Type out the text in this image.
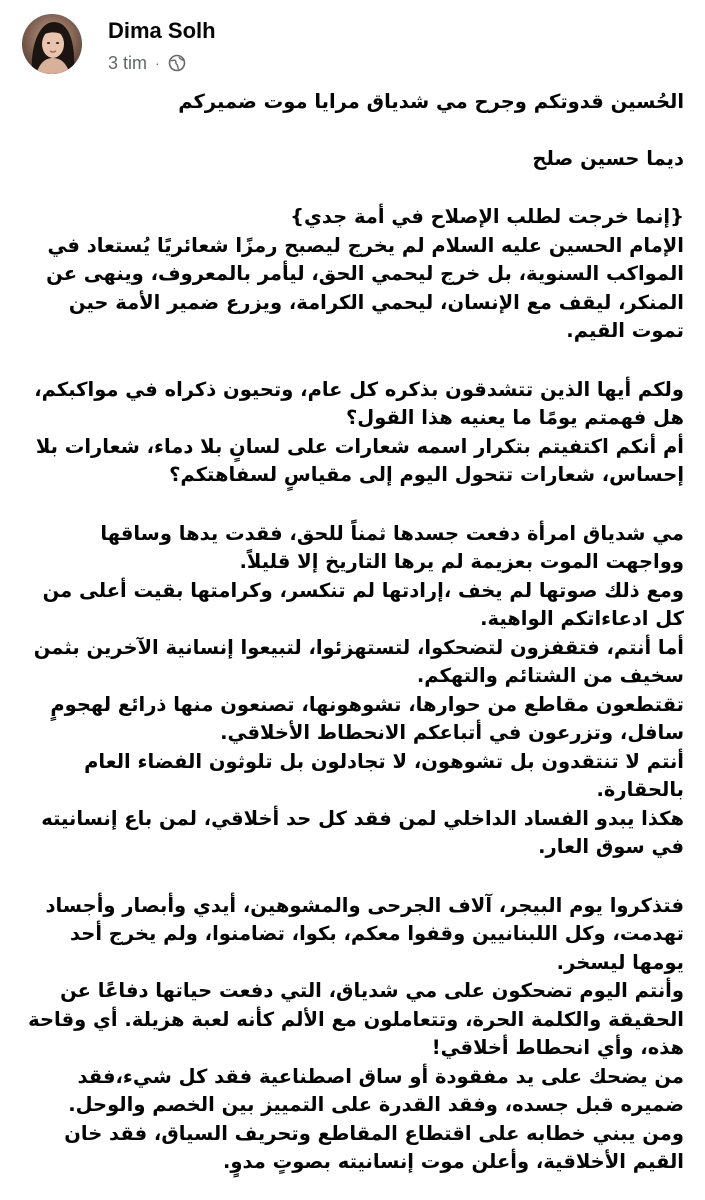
Dima Solh
3 tim ·

الحُسين قدوتكم وجرح مي شدياق مرايا موت ضميركم

ديما حسين صلح

{إنما خرجت لطلب الإصلاح في أمة جدي}
الإمام الحسين عليه السلام لم يخرج ليصبح رمزًا شعائريًا يُستعاد في المواكب السنوية، بل خرج ليحمي الحق، ليأمر بالمعروف، وينهى عن المنكر، ليقف مع الإنسان، ليحمي الكرامة، ويزرع ضمير الأمة حين تموت القيم.

ولكم أيها الذين تتشدقون بذكره كل عام، وتحيون ذكراه في مواكبكم، هل فهمتم يومًا ما يعنيه هذا القول؟
أم أنكم اكتفيتم بتكرار اسمه شعارات على لسانٍ بلا دماء، شعارات بلا إحساس، شعارات تتحول اليوم إلى مقياسٍ لسفاهتكم؟

مي شدياق امرأة دفعت جسدها ثمناً للحق، فقدت يدها وساقها وواجهت الموت بعزيمة لم يرها التاريخ إلا قليلاً.
ومع ذلك صوتها لم يخف ،إرادتها لم تنكسر، وكرامتها بقيت أعلى من كل ادعاءاتكم الواهية.
أما أنتم، فتقفزون لتضحكوا، لتستهزئوا، لتبيعوا إنسانية الآخرين بثمن سخيف من الشتائم والتهكم.
تقتطعون مقاطع من حوارها، تشوهونها، تصنعون منها ذرائع لهجومٍ سافل، وتزرعون في أتباعكم الانحطاط الأخلاقي.
أنتم لا تنتقدون بل تشوهون، لا تجادلون بل تلوثون الفضاء العام بالحقارة.
هكذا يبدو الفساد الداخلي لمن فقد كل حد أخلاقي، لمن باع إنسانيته في سوق العار.

فتذكروا يوم البيجر، آلاف الجرحى والمشوهين، أيدي وأبصار وأجساد تهدمت، وكل اللبنانيين وقفوا معكم، بكوا، تضامنوا، ولم يخرج أحد يومها ليسخر.
وأنتم اليوم تضحكون على مي شدياق، التي دفعت حياتها دفاعًا عن الحقيقة والكلمة الحرة، وتتعاملون مع الألم كأنه لعبة هزيلة. أي وقاحة هذه، وأي انحطاط أخلاقي!
من يضحك على يد مفقودة أو ساق اصطناعية فقد كل شيء،فقد ضميره قبل جسده، وفقد القدرة على التمييز بين الخصم والوحل.
ومن يبني خطابه على اقتطاع المقاطع وتحريف السياق، فقد خان القيم الأخلاقية، وأعلن موت إنسانيته بصوتٍ مدوٍ.
